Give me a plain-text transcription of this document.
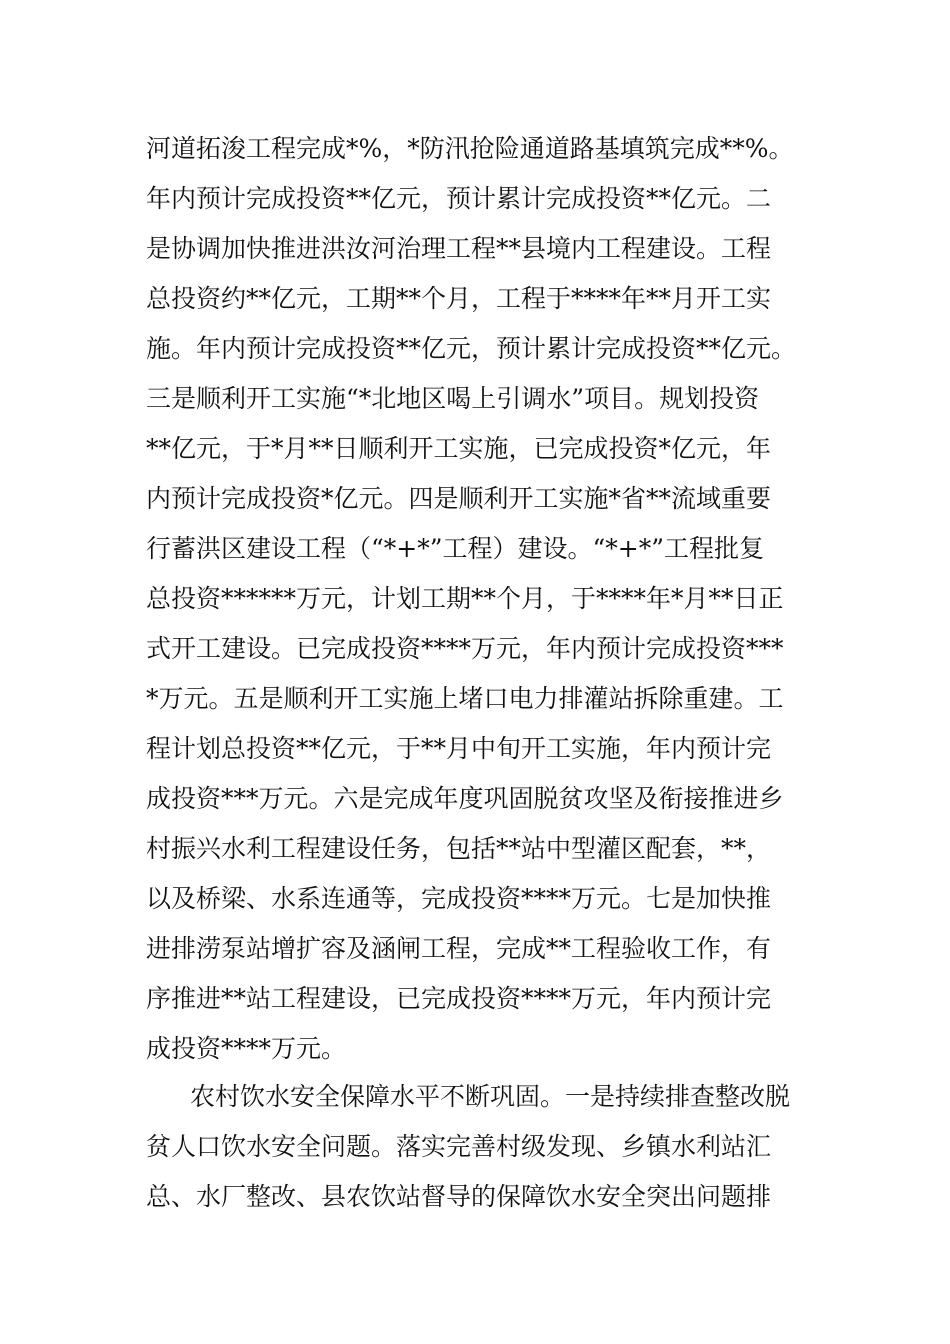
河道拓浚工程完成*%，*防汛抢险通道路基填筑完成**%。
年内预计完成投资**亿元，预计累计完成投资**亿元。二
是协调加快推进洪汝河治理工程**县境内工程建设。工程
总投资约**亿元，工期**个月，工程于****年**月开工实
施。年内预计完成投资**亿元，预计累计完成投资**亿元。
三是顺利开工实施“*北地区喝上引调水”项目。规划投资
**亿元，于*月**日顺利开工实施，已完成投资*亿元，年
内预计完成投资*亿元。四是顺利开工实施*省**流域重要
行蓄洪区建设工程（“*+*”工程）建设。“*+*”工程批复
总投资******万元，计划工期**个月，于****年*月**日正
式开工建设。已完成投资****万元，年内预计完成投资***
*万元。五是顺利开工实施上堵口电力排灌站拆除重建。工
程计划总投资**亿元，于**月中旬开工实施，年内预计完
成投资***万元。六是完成年度巩固脱贫攻坚及衔接推进乡
村振兴水利工程建设任务，包括**站中型灌区配套，**，
以及桥梁、水系连通等，完成投资****万元。七是加快推
进排涝泵站增扩容及涵闸工程，完成**工程验收工作，有
序推进**站工程建设，已完成投资****万元，年内预计完
成投资****万元。
农村饮水安全保障水平不断巩固。一是持续排查整改脱
贫人口饮水安全问题。落实完善村级发现、乡镇水利站汇
总、水厂整改、县农饮站督导的保障饮水安全突出问题排
